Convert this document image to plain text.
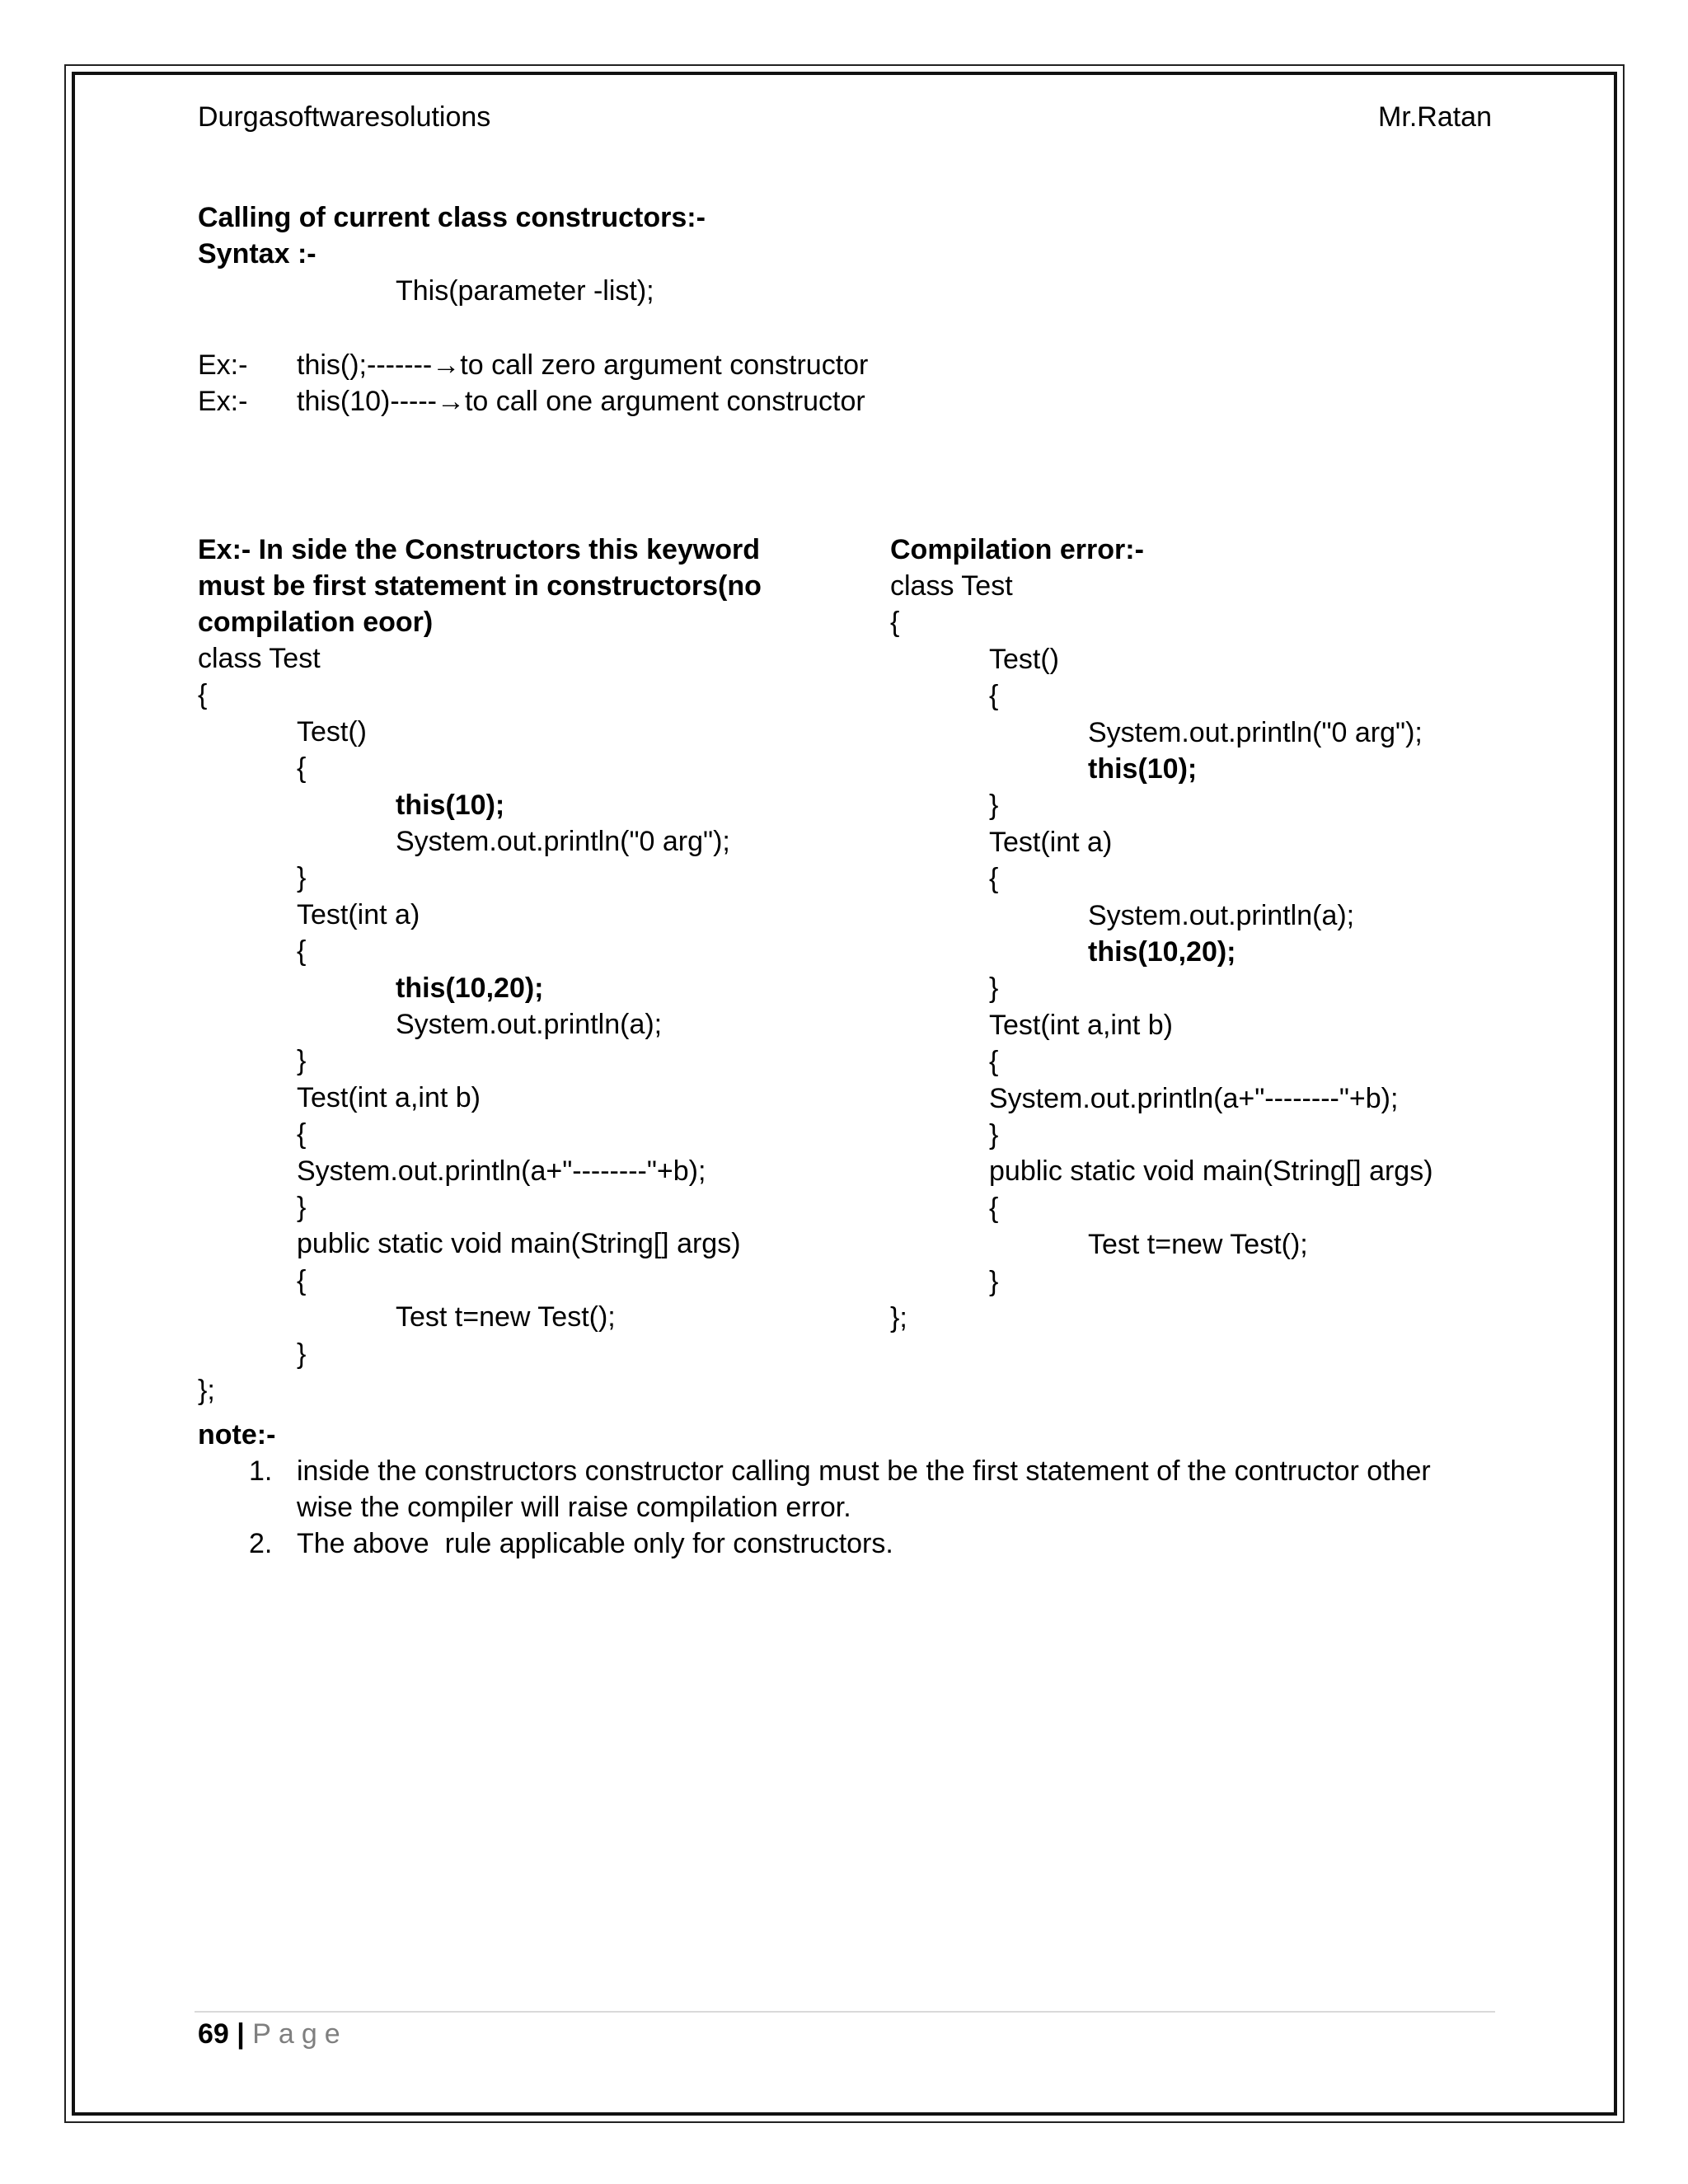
Durgasoftwaresolutions	Mr.Ratan
Calling of current class constructors:-
Syntax :-
This(parameter -list);
Ex:- this();-------→to call zero argument constructor
Ex:- this(10)-----→to call one argument constructor
Ex:- In side the Constructors this keyword
must be first statement in constructors(no
compilation eoor)
Compilation error:-
class Test
{
Test()
{
this(10);
System.out.println("0 arg");
}
Test(int a)
{
this(10,20);
System.out.println(a);
}
Test(int a,int b)
{
System.out.println(a+"--------"+b);
}
public static void main(String[] args)
{
Test t=new Test();
}
};
class Test
{
Test()
{
System.out.println("0 arg");
this(10);
}
Test(int a)
{
System.out.println(a);
this(10,20);
}
Test(int a,int b)
{
System.out.println(a+"--------"+b);
}
public static void main(String[] args)
{
Test t=new Test();
}
};
note:-
1. inside the constructors constructor calling must be the first statement of the contructor other
wise the compiler will raise compilation error.
2. The above  rule applicable only for constructors.
69 | Page
